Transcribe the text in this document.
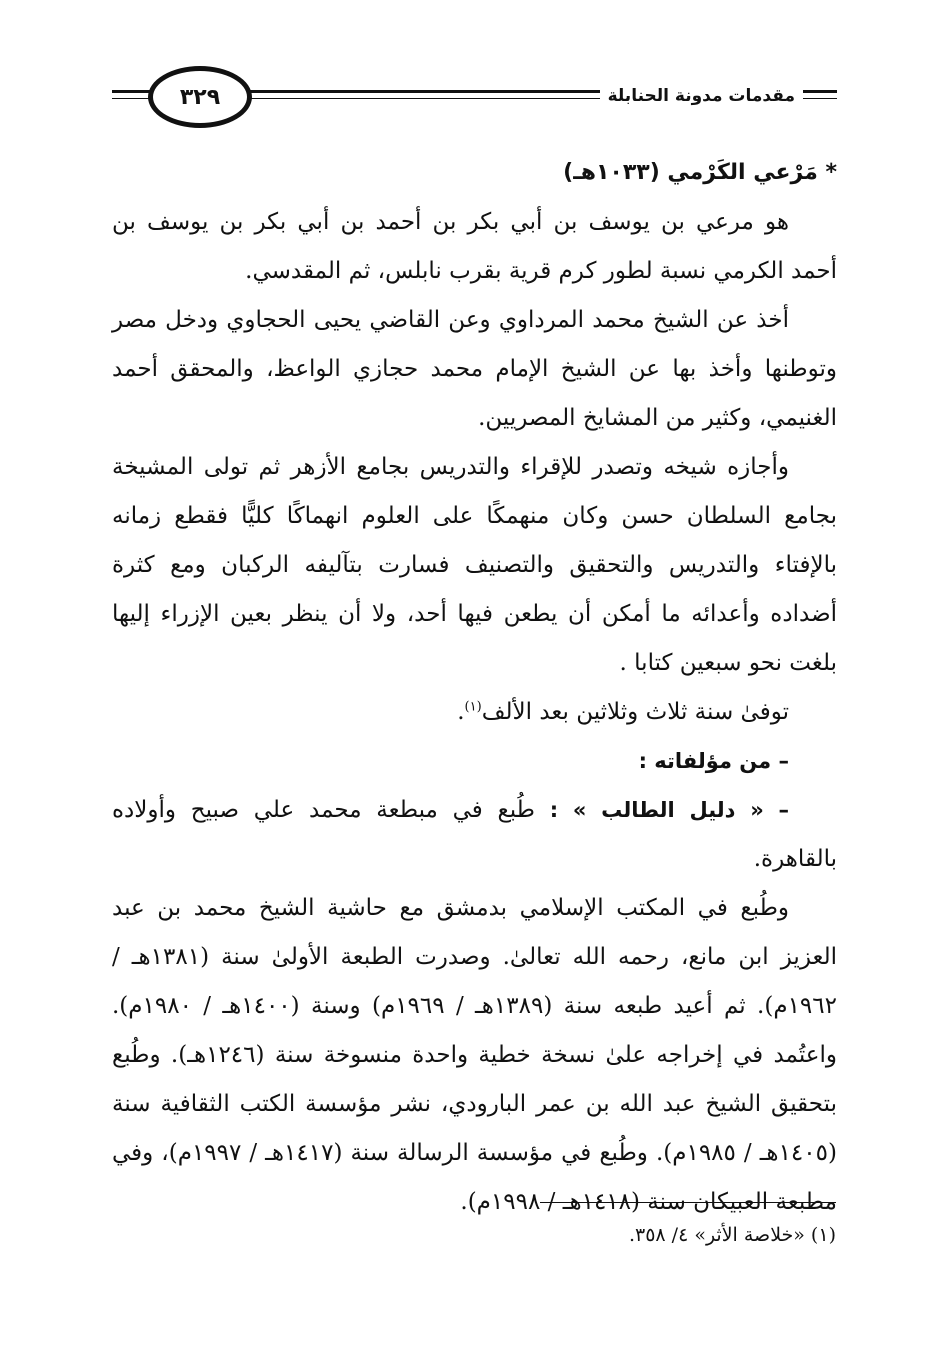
٣٢٩	مقدمات مدونة الحنابلة

* مَرْعي الكَرْمي (١٠٣٣هـ)

هو مرعي بن يوسف بن أبي بكر بن أحمد بن أبي بكر بن يوسف بن أحمد الكرمي نسبة لطور كرم قرية بقرب نابلس، ثم المقدسي.

أخذ عن الشيخ محمد المرداوي وعن القاضي يحيى الحجاوي ودخل مصر وتوطنها وأخذ بها عن الشيخ الإمام محمد حجازي الواعظ، والمحقق أحمد الغنيمي، وكثير من المشايخ المصريين.

وأجازه شيخه وتصدر للإقراء والتدريس بجامع الأزهر ثم تولى المشيخة بجامع السلطان حسن وكان منهمكًا على العلوم انهماكًا كليًّا فقطع زمانه بالإفتاء والتدريس والتحقيق والتصنيف فسارت بتآليفه الركبان ومع كثرة أضداده وأعدائه ما أمكن أن يطعن فيها أحد، ولا أن ينظر بعين الإزراء إليها بلغت نحو سبعين كتابا .

توفىٰ سنة ثلاث وثلاثين بعد الألف$^{(١)}$.

– من مؤلفاته :

– « دليل الطالب » : طُبع في مبطعة محمد علي صبيح وأولاده بالقاهرة.

وطُبع في المكتب الإسلامي بدمشق مع حاشية الشيخ محمد بن عبد العزيز ابن مانع، رحمه الله تعالىٰ. وصدرت الطبعة الأولىٰ سنة (١٣٨١هـ / ١٩٦٢م). ثم أعيد طبعه سنة (١٣٨٩هـ / ١٩٦٩م) وسنة (١٤٠٠هـ / ١٩٨٠م). واعتُمد في إخراجه علىٰ نسخة خطية واحدة منسوخة سنة (١٢٤٦هـ). وطُبع بتحقيق الشيخ عبد الله بن عمر البارودي، نشر مؤسسة الكتب الثقافية سنة (١٤٠٥هـ / ١٩٨٥م). وطُبع في مؤسسة الرسالة سنة (١٤١٧هـ / ١٩٩٧م)، وفي مطبعة العبيكان سنة (١٤١٨هـ / ١٩٩٨م).

(١) «خلاصة الأثر» ٤/ ٣٥٨.
